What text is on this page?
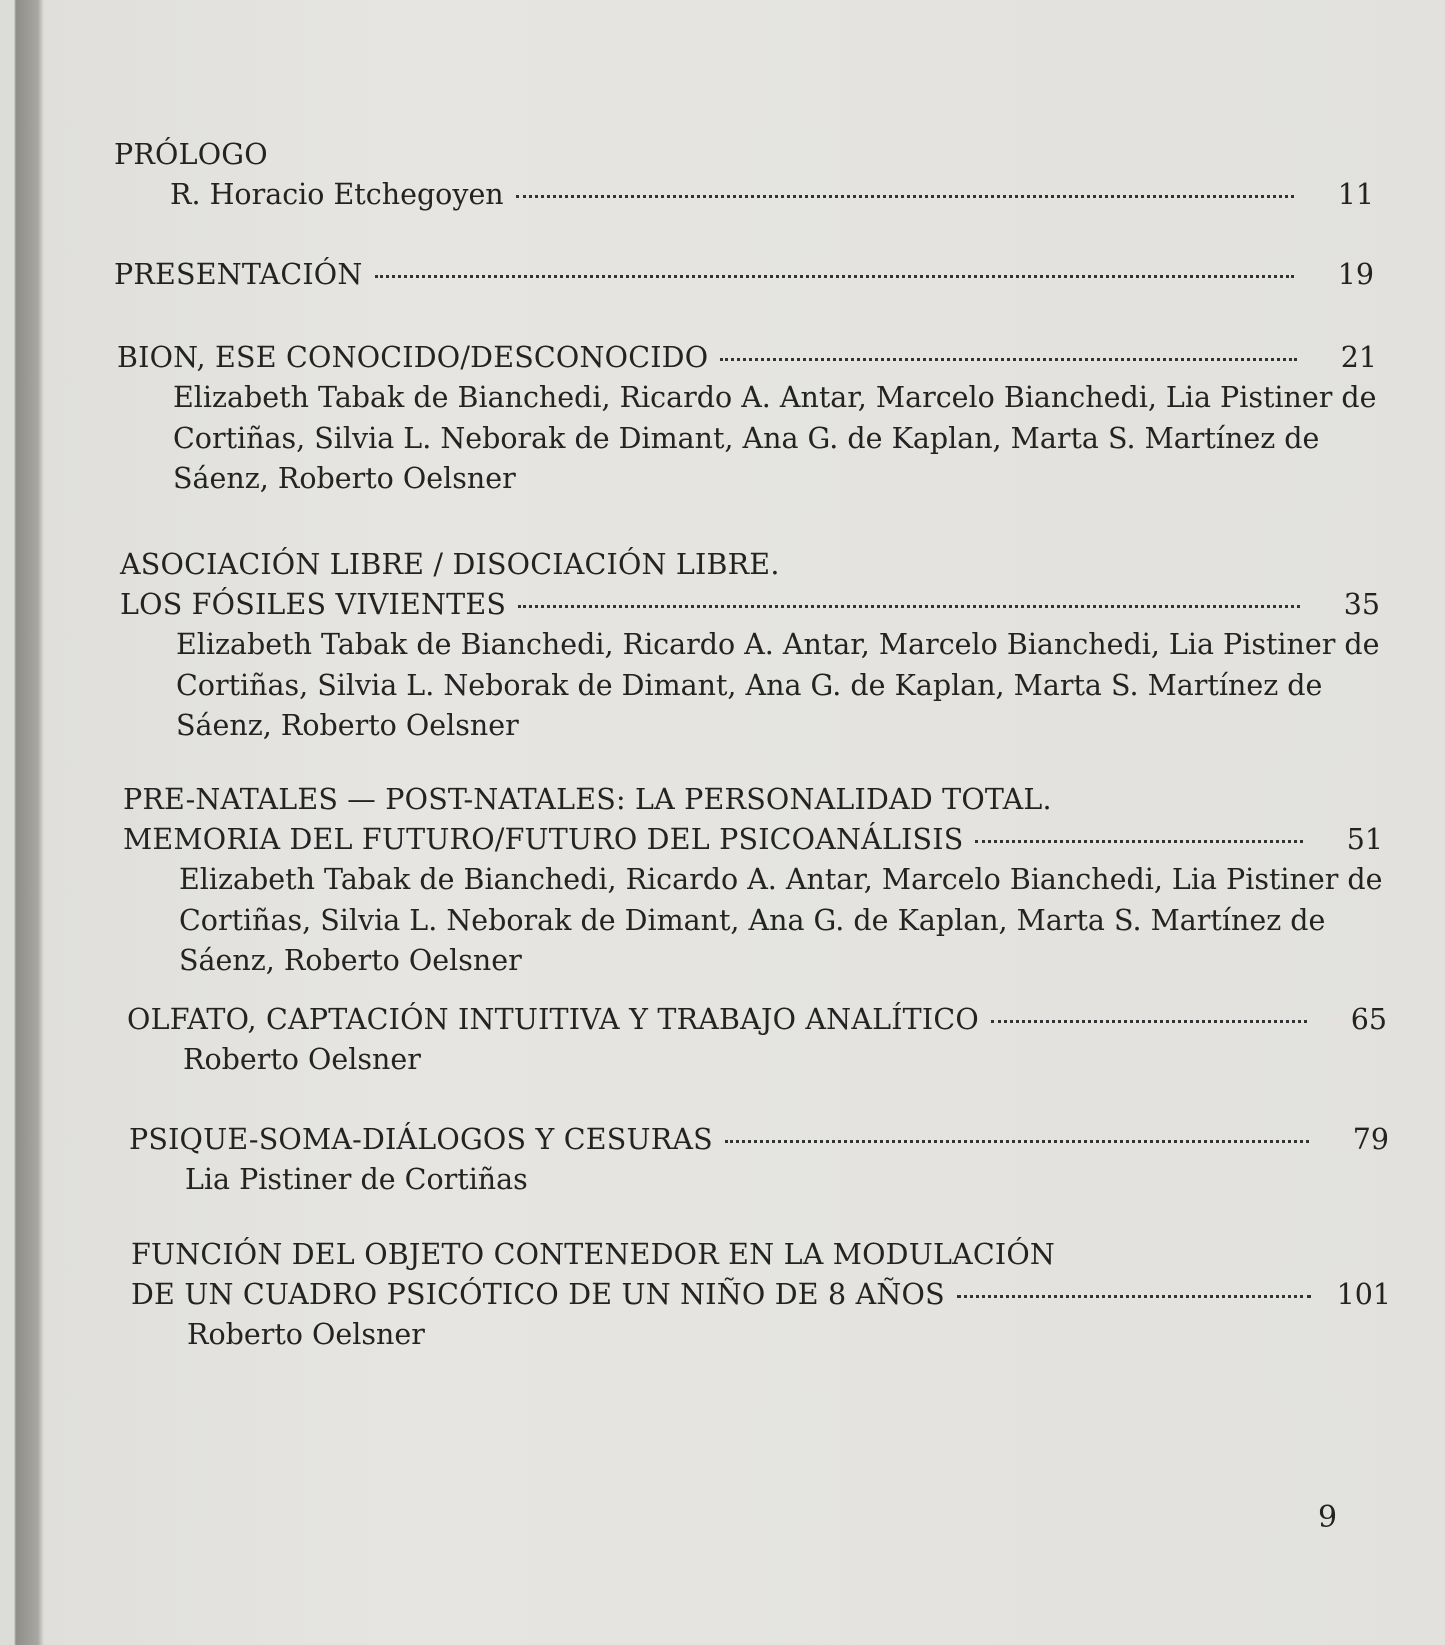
PRÓLOGO
R. Horacio Etchegoyen	11
PRESENTACIÓN	19
BION, ESE CONOCIDO/DESCONOCIDO	21
Elizabeth Tabak de Bianchedi, Ricardo A. Antar, Marcelo Bianchedi, Lia Pistiner de Cortiñas, Silvia L. Neborak de Dimant, Ana G. de Kaplan, Marta S. Martínez de Sáenz, Roberto Oelsner
ASOCIACIÓN LIBRE / DISOCIACIÓN LIBRE.
LOS FÓSILES VIVIENTES	35
Elizabeth Tabak de Bianchedi, Ricardo A. Antar, Marcelo Bianchedi, Lia Pistiner de Cortiñas, Silvia L. Neborak de Dimant, Ana G. de Kaplan, Marta S. Martínez de Sáenz, Roberto Oelsner
PRE-NATALES — POST-NATALES: LA PERSONALIDAD TOTAL.
MEMORIA DEL FUTURO/FUTURO DEL PSICOANÁLISIS	51
Elizabeth Tabak de Bianchedi, Ricardo A. Antar, Marcelo Bianchedi, Lia Pistiner de Cortiñas, Silvia L. Neborak de Dimant, Ana G. de Kaplan, Marta S. Martínez de Sáenz, Roberto Oelsner
OLFATO, CAPTACIÓN INTUITIVA Y TRABAJO ANALÍTICO	65
Roberto Oelsner
PSIQUE-SOMA-DIÁLOGOS Y CESURAS	79
Lia Pistiner de Cortiñas
FUNCIÓN DEL OBJETO CONTENEDOR EN LA MODULACIÓN
DE UN CUADRO PSICÓTICO DE UN NIÑO DE 8 AÑOS	101
Roberto Oelsner
9
